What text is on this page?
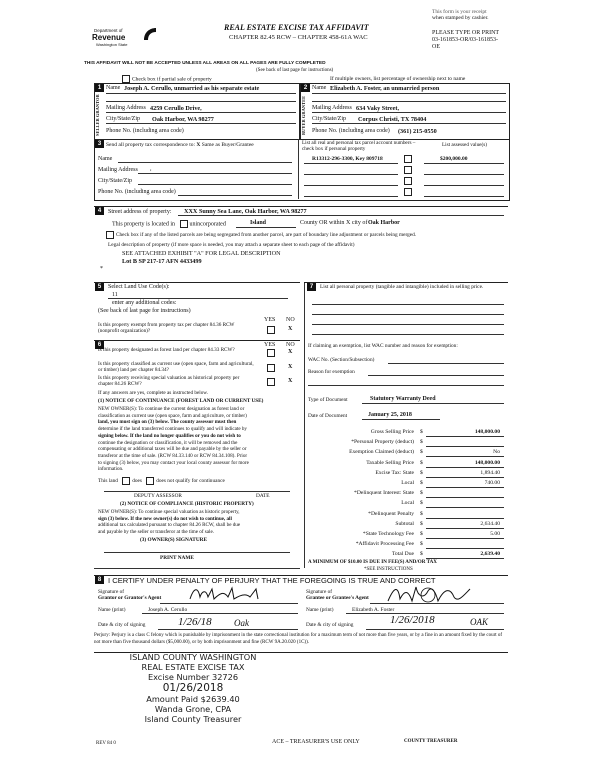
Department of
Revenue
Washington State
REAL ESTATE EXCISE TAX AFFIDAVIT
CHAPTER 82.45 RCW – CHAPTER 458-61A WAC
This form is your receipt
when stamped by cashier.
PLEASE TYPE OR PRINT
03-161853-OR/03-161853-
OE
THIS AFFIDAVIT WILL NOT BE ACCEPTED UNLESS ALL AREAS ON ALL PAGES ARE FULLY COMPLETED
(See back of last page for instructions)
Check box if partial sale of property	If multiple owners, list percentage of ownership next to name
1
SELLER GRANTOR
Name Joseph A. Cerullo, unmarried as his separate estate
Mailing Address 4259 Cerullo Drive,
City/State/Zip Oak Harbor, WA 98277
Phone No. (including area code)
2
BUYER GRANTEE
Name Elizabeth A. Foster, an unmarried person
Mailing Address 634 Vaky Street,
City/State/Zip Corpus Christi, TX 78404
Phone No. (including area code) (361) 215-0550
3 Send all property tax correspondence to: X Same as Buyer/Grantee
Name
Mailing Address ,
City/State/Zip
Phone No. (including area code)
List all real and personal tax parcel account numbers – check box if personal property
List assessed value(s)
R13312-296-3300, Key 809718	$200,000.00
4	Street address of property: XXX Sunny Sea Lane, Oak Harbor, WA 98277
This property is located in unincorporated	Island	County OR within X city of Oak Harbor
Check box if any of the listed parcels are being segregated from another parcel, are part of boundary line adjustment or parcels being merged.
Legal description of property (if more space is needed, you may attach a separate sheet to each page of the affidavit)
SEE ATTACHED EXHIBIT "A" FOR LEGAL DESCRIPTION
Lot B SP 217-17 AFN 4433499
*
5	Select Land Use Code(s):
11
enter any additional codes:
(See back of last page for instructions)
YES NO
Is this property exempt from property tax per chapter 84.36 RCW (nonprofit organization)?	X
6	YES NO
Is this property designated as forest land per chapter 84.33 RCW?	X
Is this property classified as current use (open space, farm and agricultural, or timber) land per chapter 84.34?	X
Is this property receiving special valuation as historical property per chapter 84.26 RCW?	X
If any answers are yes, complete as instructed below.
(1) NOTICE OF CONTINUANCE (FOREST LAND OR CURRENT USE)
NEW OWNER(S): To continue the current designation as forest land or
classification as current use (open space, farm and agriculture, or timber)
land, you must sign on (3) below. The county assessor must then
determine if the land transferred continues to qualify and will indicate by
signing below. If the land no longer qualifies or you do not wish to
continue the designation or classification, it will be removed and the
compensating or additional taxes will be due and payable by the seller or
transferor at the time of sale. (RCW 84.33.140 or RCW 84.34.108). Prior
to signing (3) below, you may contact your local county assessor for more
information.
This land	does	does not qualify for continuance
DEPUTY ASSESSOR	DATE
(2) NOTICE OF COMPLIANCE (HISTORIC PROPERTY)
NEW OWNER(S): To continue special valuation as historic property,
sign (3) below. If the new owner(s) do not wish to continue, all
additional tax calculated pursuant to chapter 84.26 RCW, shall be due
and payable by the seller or transferor at the time of sale.
(3) OWNER(S) SIGNATURE
PRINT NAME
7	List all personal property (tangible and intangible) included in selling price.
If claiming an exemption, list WAC number and reason for exemption:
WAC No. (Section/Subsection)
Reason for exemption
Type of Document	Statutory Warranty Deed
Date of Document	January 25, 2018
Gross Selling Price $	148,000.00
*Personal Property (deduct) $
Exemption Claimed (deduct) $	No
Taxable Selling Price $	148,000.00
Excise Tax: State $	1,894.40
Local $	740.00
*Delinquent Interest: State $
Local $
*Delinquent Penalty $
Subtotal $	2,634.40
*State Technology Fee $	5.00
*Affidavit Processing Fee $
Total Due $	2,639.40
A MINIMUM OF $10.00 IS DUE IN FEE(S) AND/OR TAX
*SEE INSTRUCTIONS
8 I CERTIFY UNDER PENALTY OF PERJURY THAT THE FOREGOING IS TRUE AND CORRECT
Signature of
Grantor or Grantor's Agent
Name (print)	Joseph A. Cerullo
Date & city of signing	1/26/18 Oak
Signature of
Grantee or Grantee's Agent
Name (print)	Elizabeth A. Foster
Date & city of signing	1/26/2018	OAK
Perjury: Perjury is a class C felony which is punishable by imprisonment in the state correctional institution for a maximum term of not more than five years, or by a fine in an amount fixed by the court of not more than five thousand dollars ($5,000.00), or by both imprisonment and fine (RCW 9A.20.020 (1C)).
ISLAND COUNTY WASHINGTON
REAL ESTATE EXCISE TAX
Excise Number 32726
01/26/2018
Amount Paid $2639.40
Wanda Grone, CPA
Island County Treasurer
REV 84 0	ACE – TREASURER'S USE ONLY	COUNTY TREASURER
